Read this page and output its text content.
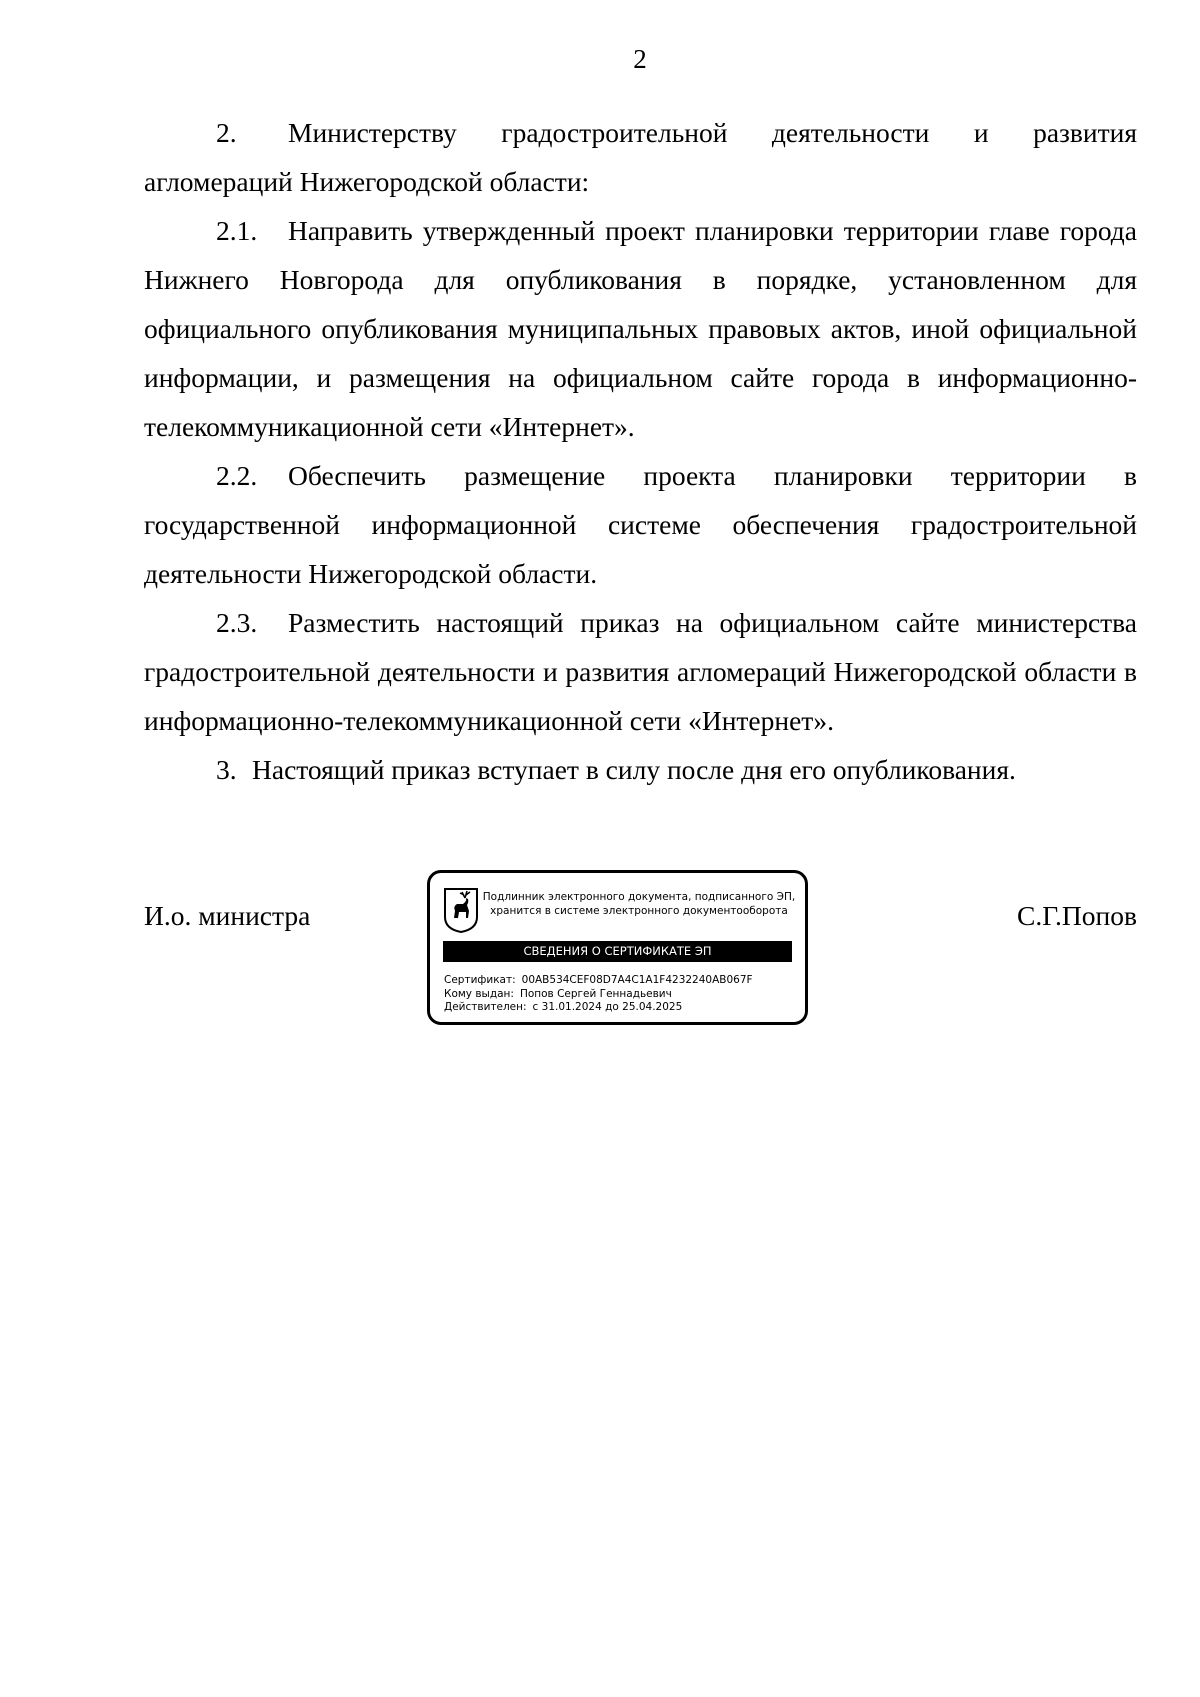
2

2. Министерству градостроительной деятельности и развития агломераций Нижегородской области:

2.1. Направить утвержденный проект планировки территории главе города Нижнего Новгорода для опубликования в порядке, установленном для официального опубликования муниципальных правовых актов, иной официальной информации, и размещения на официальном сайте города в информационно-телекоммуникационной сети «Интернет».

2.2. Обеспечить размещение проекта планировки территории в государственной информационной системе обеспечения градостроительной деятельности Нижегородской области.

2.3. Разместить настоящий приказ на официальном сайте министерства градостроительной деятельности и развития агломераций Нижегородской области в информационно-телекоммуникационной сети «Интернет».

3. Настоящий приказ вступает в силу после дня его опубликования.

И.о. министра
Подлинник электронного документа, подписанного ЭП,
хранится в системе электронного документооборота
СВЕДЕНИЯ О СЕРТИФИКАТЕ ЭП
Сертификат: 00AB534CEF08D7A4C1A1F4232240AB067F
Кому выдан: Попов Сергей Геннадьевич
Действителен: с 31.01.2024 до 25.04.2025
С.Г.Попов
